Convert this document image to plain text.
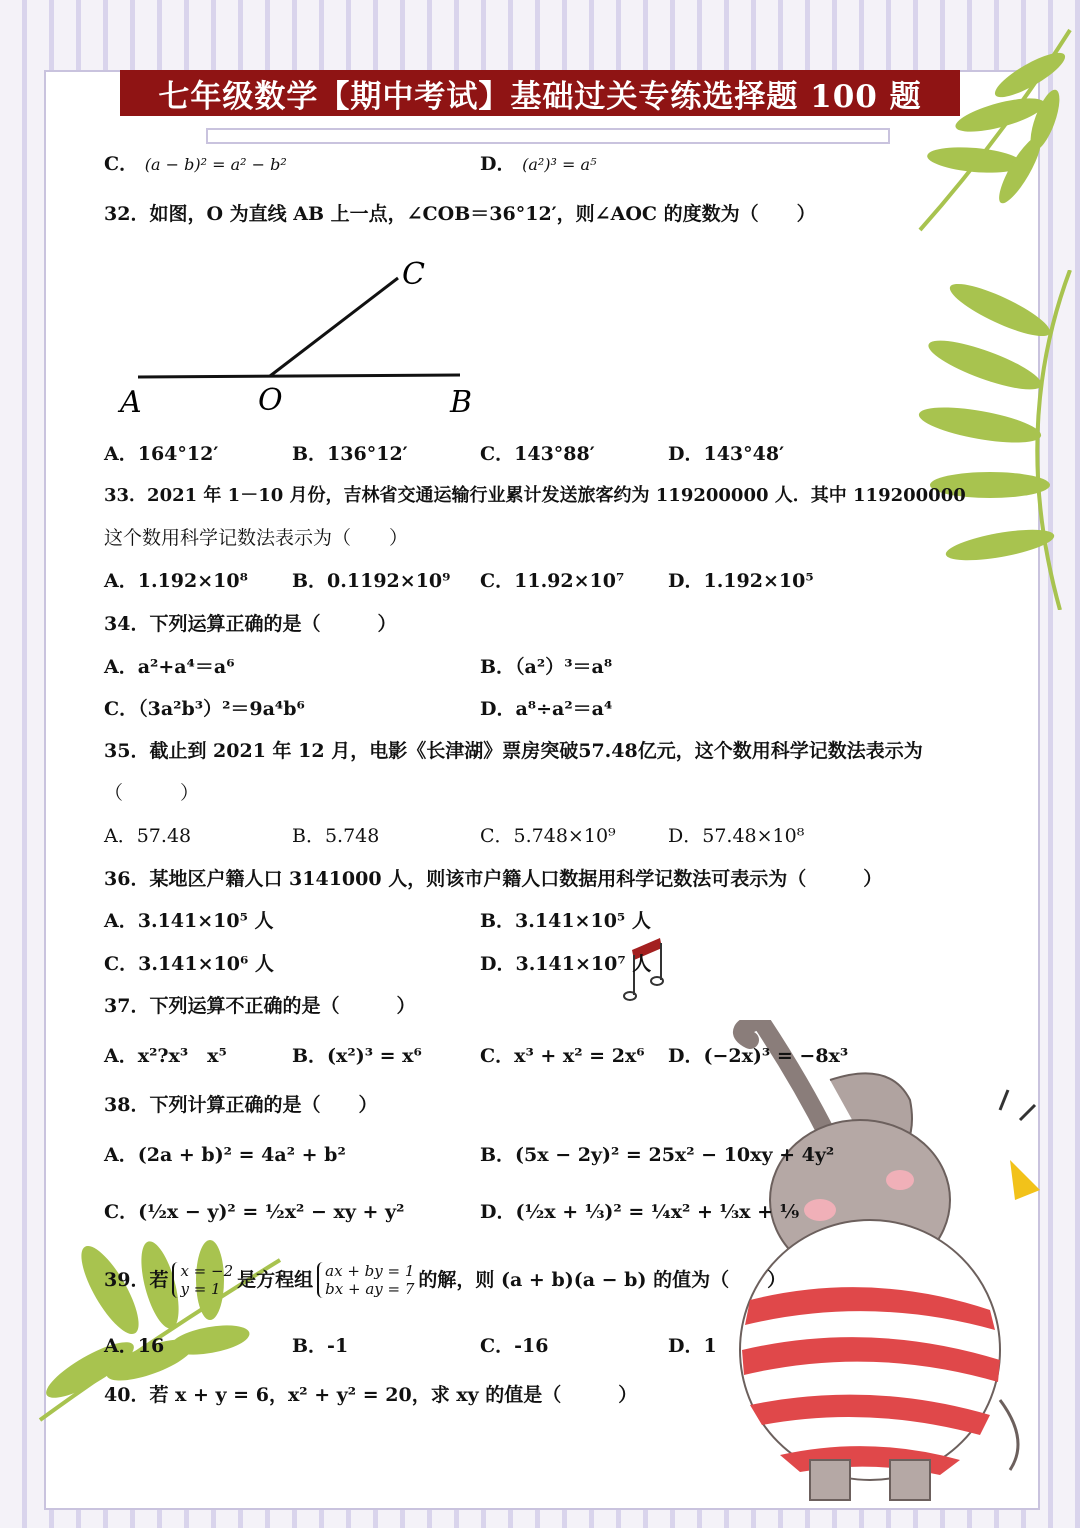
七年级数学【期中考试】基础过关专练选择题 100 题
C． (a − b)² = a² − b²	D． (a²)³ = a⁵
32．如图，O 为直线 AB 上一点，∠COB＝36°12′，则∠AOC 的度数为（　　）
A	O	B
C
A．164°12′	B．136°12′	C．143°88′	D．143°48′
33．2021 年 1－10 月份，吉林省交通运输行业累计发送旅客约为 119200000 人．其中 119200000
这个数用科学记数法表示为（　　）
A．1.192×10⁸ B．0.1192×10⁹ C．11.92×10⁷ D．1.192×10⁵
34．下列运算正确的是（　　　）
A．a²+a⁴＝a⁶	B．（a²）³＝a⁸
C．（3a²b³）²＝9a⁴b⁶	D．a⁸÷a²＝a⁴
35．截止到 2021 年 12 月，电影《长津湖》票房突破57.48亿元，这个数用科学记数法表示为
（　　　）
A．57.48	B．5.748	C．5.748×10⁹	D．57.48×10⁸
36．某地区户籍人口 3141000 人，则该市户籍人口数据用科学记数法可表示为（　　　）
A．3.141×10⁵ 人	B．3.141×10⁵ 人
C．3.141×10⁶ 人	D．3.141×10⁷ 人
37．下列运算不正确的是（　　　）
A．x²?x³　x⁵	B．(x²)³ = x⁶	C．x³ + x² = 2x⁶ D．(−2x)³ = −8x³
38．下列计算正确的是（　　）
A．(2a + b)² = 4a² + b²	B．(5x − 2y)² = 25x² − 10xy + 4y²
C．(½x − y)² = ½x² − xy + y²	D．(½x + ⅓)² = ¼x² + ⅓x + ⅑
39．若 x = −2
y = 1 是方程组 ax + by = 1
bx + ay = 7 的解，则 (a + b)(a − b) 的值为（　　）
A．16	B．-1	C．-16	D．1
40．若 x + y = 6，x² + y² = 20，求 xy 的值是（　　　）
